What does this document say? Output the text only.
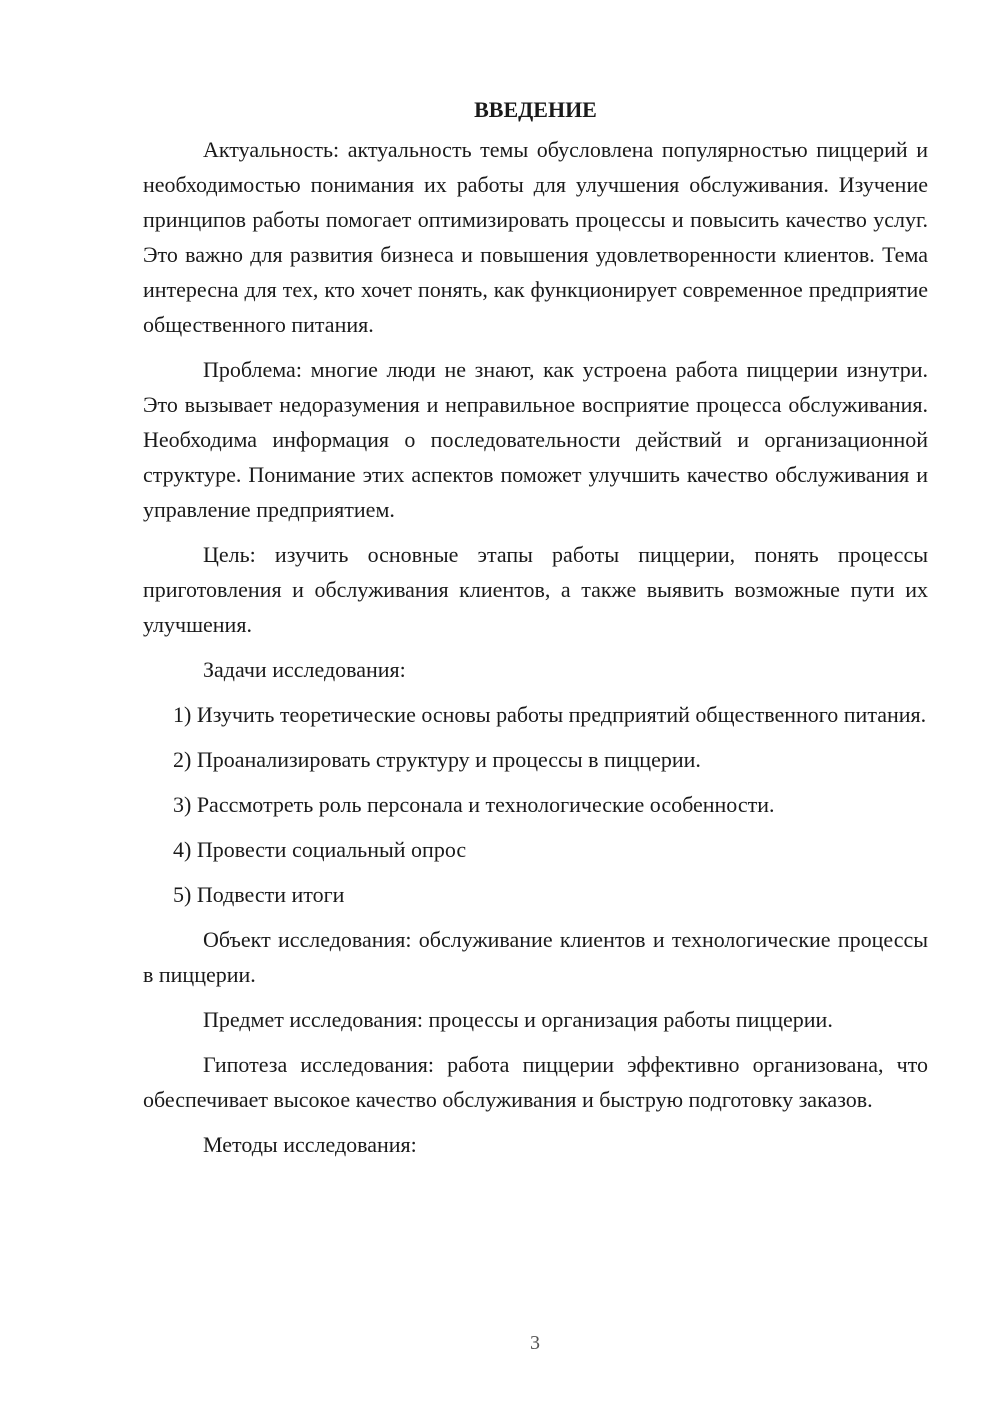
ВВЕДЕНИЕ

Актуальность: актуальность темы обусловлена популярностью пиццерий и необходимостью понимания их работы для улучшения обслуживания. Изучение принципов работы помогает оптимизировать процессы и повысить качество услуг. Это важно для развития бизнеса и повышения удовлетворенности клиентов. Тема интересна для тех, кто хочет понять, как функционирует современное предприятие общественного питания.

Проблема: многие люди не знают, как устроена работа пиццерии изнутри. Это вызывает недоразумения и неправильное восприятие процесса обслуживания. Необходима информация о последовательности действий и организационной структуре. Понимание этих аспектов поможет улучшить качество обслуживания и управление предприятием.

Цель: изучить основные этапы работы пиццерии, понять процессы приготовления и обслуживания клиентов, а также выявить возможные пути их улучшения.

Задачи исследования:

1) Изучить теоретические основы работы предприятий общественного питания.

2) Проанализировать структуру и процессы в пиццерии.

3) Рассмотреть роль персонала и технологические особенности.

4) Провести социальный опрос

5) Подвести итоги

Объект исследования: обслуживание клиентов и технологические процессы в пиццерии.

Предмет исследования: процессы и организация работы пиццерии.

Гипотеза исследования: работа пиццерии эффективно организована, что обеспечивает высокое качество обслуживания и быструю подготовку заказов.

Методы исследования:

3
